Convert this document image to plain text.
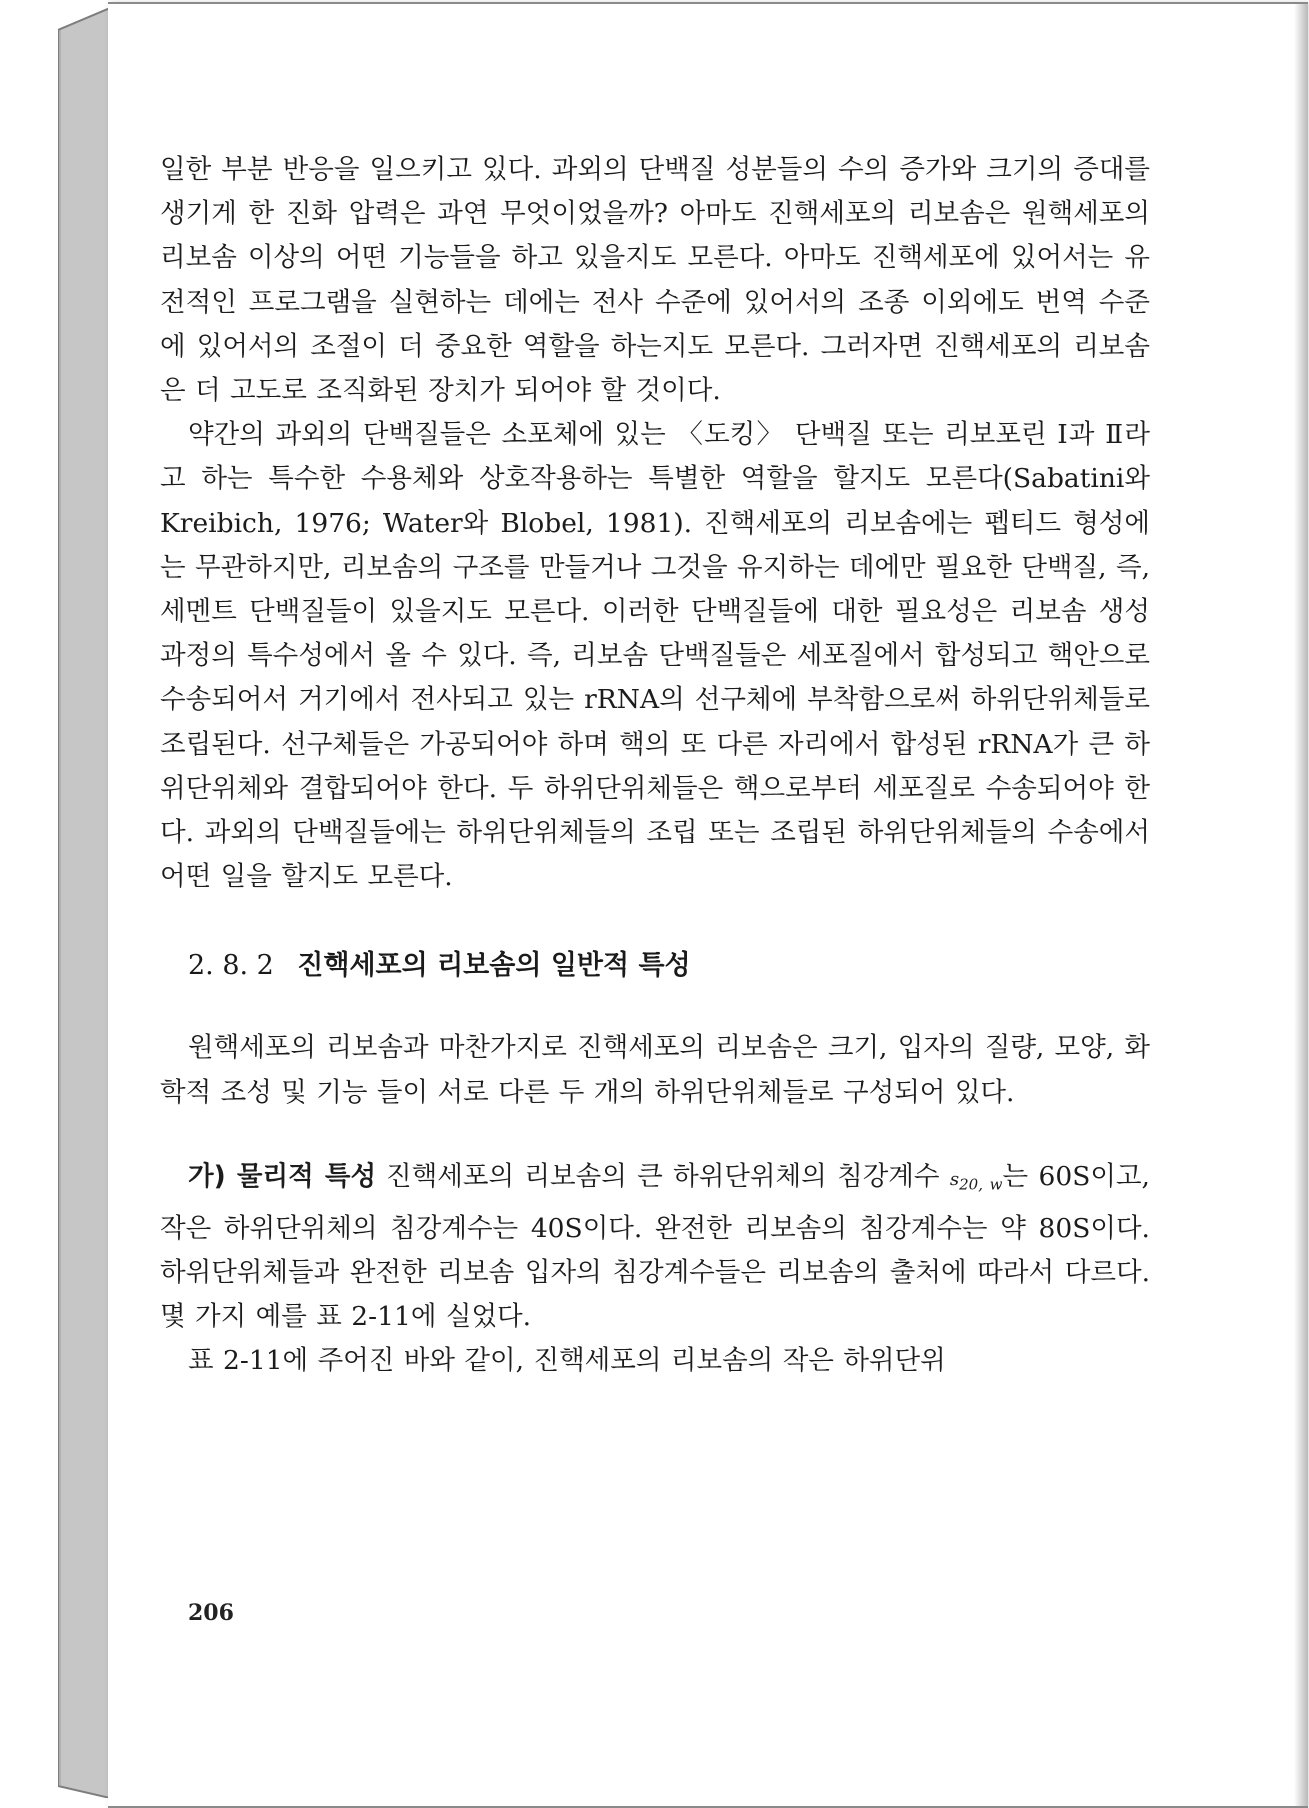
일한 부분 반응을 일으키고 있다. 과외의 단백질 성분들의 수의 증가와 크기의 증대를 생기게 한 진화 압력은 과연 무엇이었을까? 아마도 진핵세포의 리보솜은 원핵세포의 리보솜 이상의 어떤 기능들을 하고 있을지도 모른다. 아마도 진핵세포에 있어서는 유전적인 프로그램을 실현하는 데에는 전사 수준에 있어서의 조종 이외에도 번역 수준에 있어서의 조절이 더 중요한 역할을 하는지도 모른다. 그러자면 진핵세포의 리보솜은 더 고도로 조직화된 장치가 되어야 할 것이다.

약간의 과외의 단백질들은 소포체에 있는 〈도킹〉 단백질 또는 리보포린 Ⅰ과 Ⅱ라고 하는 특수한 수용체와 상호작용하는 특별한 역할을 할지도 모른다(Sabatini와 Kreibich, 1976; Water와 Blobel, 1981). 진핵세포의 리보솜에는 펩티드 형성에는 무관하지만, 리보솜의 구조를 만들거나 그것을 유지하는 데에만 필요한 단백질, 즉, 세멘트 단백질들이 있을지도 모른다. 이러한 단백질들에 대한 필요성은 리보솜 생성 과정의 특수성에서 올 수 있다. 즉, 리보솜 단백질들은 세포질에서 합성되고 핵안으로 수송되어서 거기에서 전사되고 있는 rRNA의 선구체에 부착함으로써 하위단위체들로 조립된다. 선구체들은 가공되어야 하며 핵의 또 다른 자리에서 합성된 rRNA가 큰 하위단위체와 결합되어야 한다. 두 하위단위체들은 핵으로부터 세포질로 수송되어야 한다. 과외의 단백질들에는 하위단위체들의 조립 또는 조립된 하위단위체들의 수송에서 어떤 일을 할지도 모른다.

2. 8. 2 진핵세포의 리보솜의 일반적 특성

원핵세포의 리보솜과 마찬가지로 진핵세포의 리보솜은 크기, 입자의 질량, 모양, 화학적 조성 및 기능 들이 서로 다른 두 개의 하위단위체들로 구성되어 있다.

가) 물리적 특성 진핵세포의 리보솜의 큰 하위단위체의 침강계수 $s_{20, w}$는 60S이고, 작은 하위단위체의 침강계수는 40S이다. 완전한 리보솜의 침강계수는 약 80S이다. 하위단위체들과 완전한 리보솜 입자의 침강계수들은 리보솜의 출처에 따라서 다르다. 몇 가지 예를 표 2-11에 실었다.

표 2-11에 주어진 바와 같이, 진핵세포의 리보솜의 작은 하위단위

206
